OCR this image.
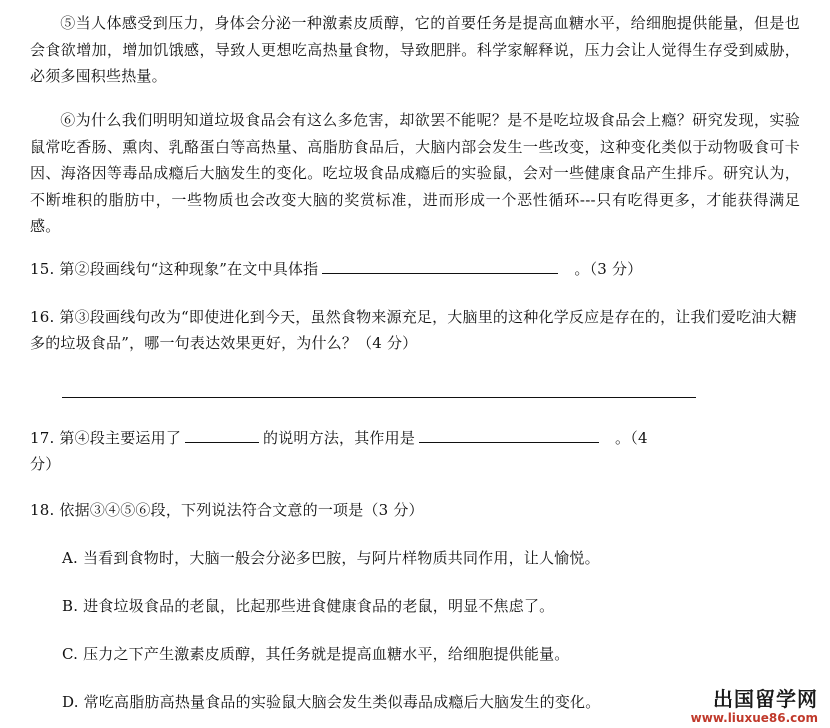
⑤当人体感受到压力，身体会分泌一种激素皮质醇，它的首要任务是提高血糖水平，给细胞提供能量，但是也会食欲增加，增加饥饿感，导致人更想吃高热量食物，导致肥胖。科学家解释说，压力会让人觉得生存受到威胁，必须多囤积些热量。
⑥为什么我们明明知道垃圾食品会有这么多危害，却欲罢不能呢？是不是吃垃圾食品会上瘾？研究发现，实验鼠常吃香肠、熏肉、乳酪蛋白等高热量、高脂肪食品后，大脑内部会发生一些改变，这种变化类似于动物吸食可卡因、海洛因等毒品成瘾后大脑发生的变化。吃垃圾食品成瘾后的实验鼠，会对一些健康食品产生排斥。研究认为，不断堆积的脂肪中，一些物质也会改变大脑的奖赏标准，进而形成一个恶性循环---只有吃得更多，才能获得满足感。
15. 第②段画线句“这种现象”在文中具体指	。（3 分）
16. 第③段画线句改为“即使进化到今天，虽然食物来源充足，大脑里的这种化学反应是存在的，让我们爱吃油大糖多的垃圾食品”，哪一句表达效果更好，为什么？（4 分）
17. 第④段主要运用了	的说明方法，其作用是	。（4
分）
18. 依据③④⑤⑥段，下列说法符合文意的一项是（3 分）
A. 当看到食物时，大脑一般会分泌多巴胺，与阿片样物质共同作用，让人愉悦。
B. 进食垃圾食品的老鼠，比起那些进食健康食品的老鼠，明显不焦虑了。
C. 压力之下产生激素皮质醇，其任务就是提高血糖水平，给细胞提供能量。
D. 常吃高脂肪高热量食品的实验鼠大脑会发生类似毒品成瘾后大脑发生的变化。	出国留学网
www.liuxue86.com
